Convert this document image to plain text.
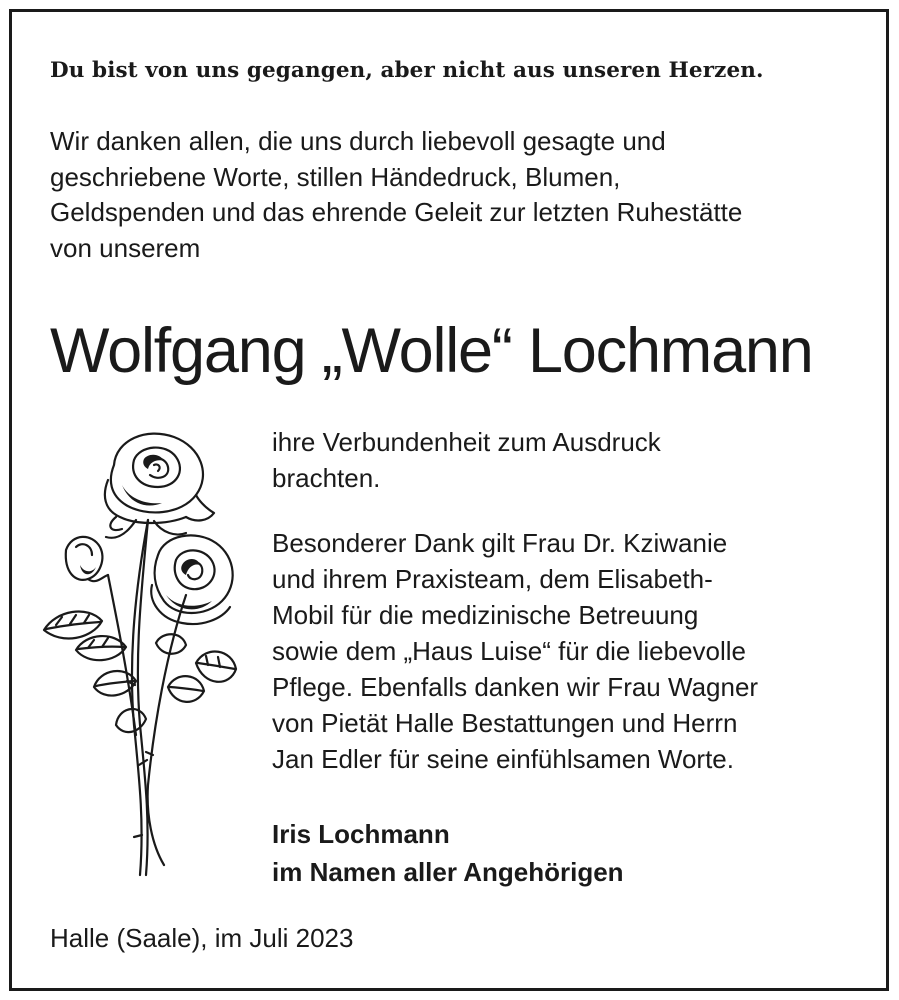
Du bist von uns gegangen, aber nicht aus unseren Herzen.
Wir danken allen, die uns durch liebevoll gesagte und
geschriebene Worte, stillen Händedruck, Blumen,
Geldspenden und das ehrende Geleit zur letzten Ruhestätte
von unserem
Wolfgang „Wolle“ Lochmann
ihre Verbundenheit zum Ausdruck
brachten.
Besonderer Dank gilt Frau Dr. Kziwanie
und ihrem Praxisteam, dem Elisabeth-
Mobil für die medizinische Betreuung
sowie dem „Haus Luise“ für die liebevolle
Pflege. Ebenfalls danken wir Frau Wagner
von Pietät Halle Bestattungen und Herrn
Jan Edler für seine einfühlsamen Worte.
Iris Lochmann
im Namen aller Angehörigen
Halle (Saale), im Juli 2023
